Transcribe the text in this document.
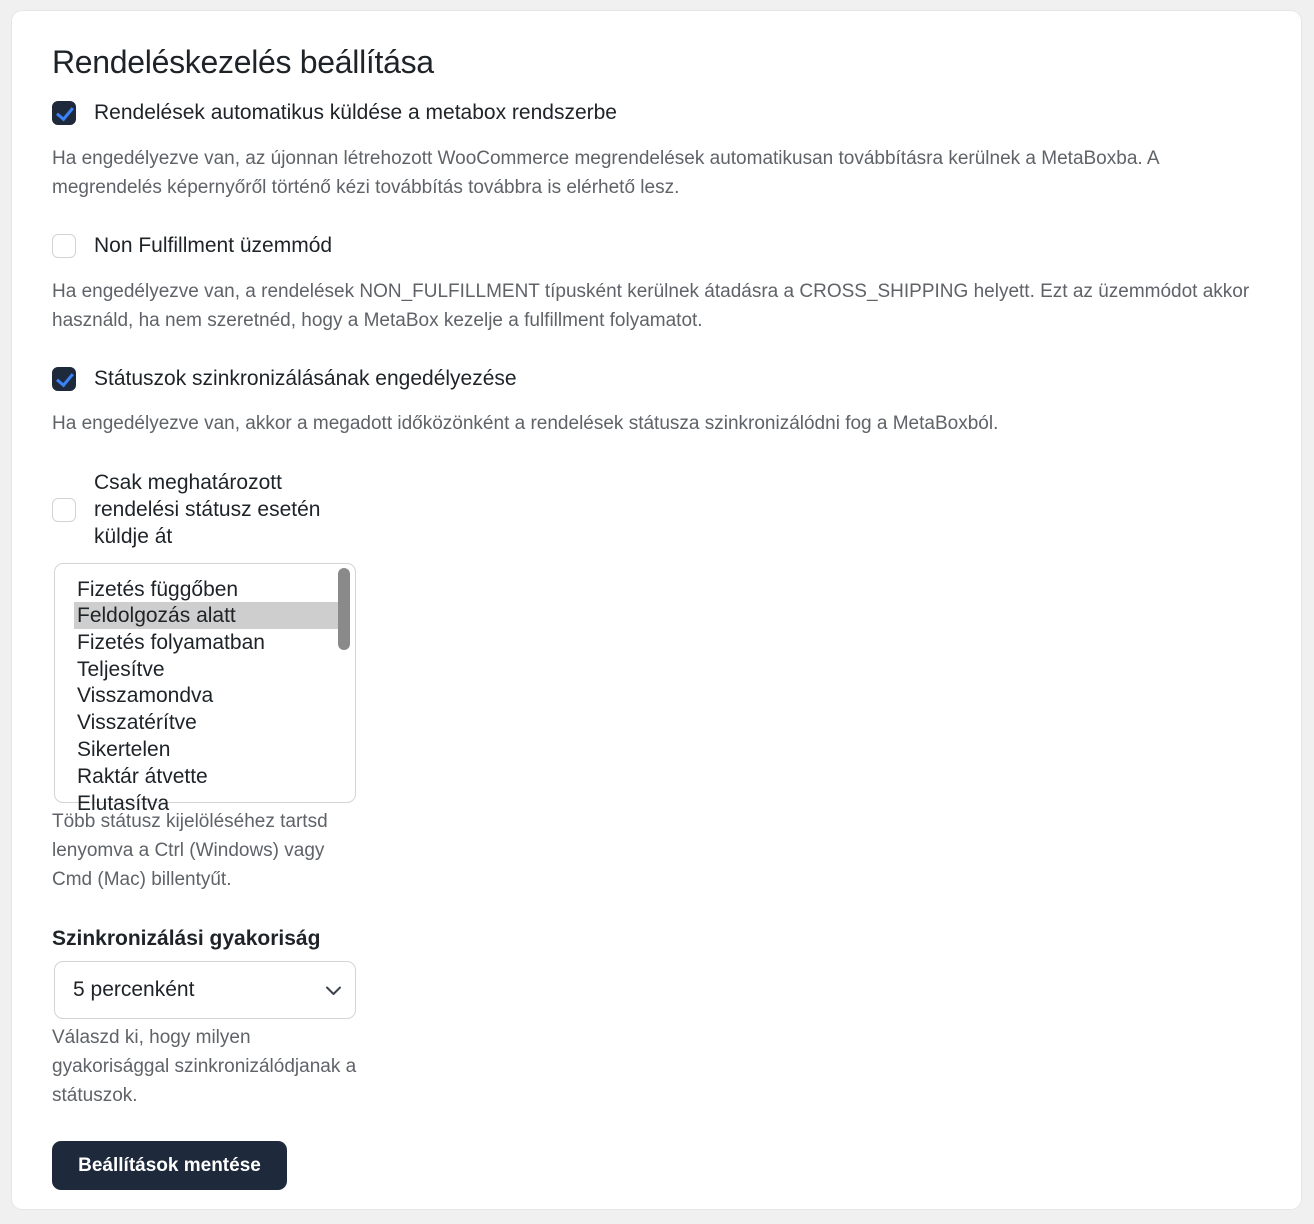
Rendeléskezelés beállítása
Rendelések automatikus küldése a metabox rendszerbe
Ha engedélyezve van, az újonnan létrehozott WooCommerce megrendelések automatikusan továbbításra kerülnek a MetaBoxba. A megrendelés képernyőről történő kézi továbbítás továbbra is elérhető lesz.
Non Fulfillment üzemmód
Ha engedélyezve van, a rendelések NON_FULFILLMENT típusként kerülnek átadásra a CROSS_SHIPPING helyett. Ezt az üzemmódot akkor használd, ha nem szeretnéd, hogy a MetaBox kezelje a fulfillment folyamatot.
Státuszok szinkronizálásának engedélyezése
Ha engedélyezve van, akkor a megadott időközönként a rendelések státusza szinkronizálódni fog a MetaBoxból.
Csak meghatározott rendelési státusz esetén küldje át
Fizetés függőben
Feldolgozás alatt
Fizetés folyamatban
Teljesítve
Visszamondva
Visszatérítve
Sikertelen
Raktár átvette
Elutasítva
Több státusz kijelöléséhez tartsd lenyomva a Ctrl (Windows) vagy Cmd (Mac) billentyűt.
Szinkronizálási gyakoriság
5 percenként
Válaszd ki, hogy milyen gyakorisággal szinkronizálódjanak a státuszok.
Beállítások mentése
